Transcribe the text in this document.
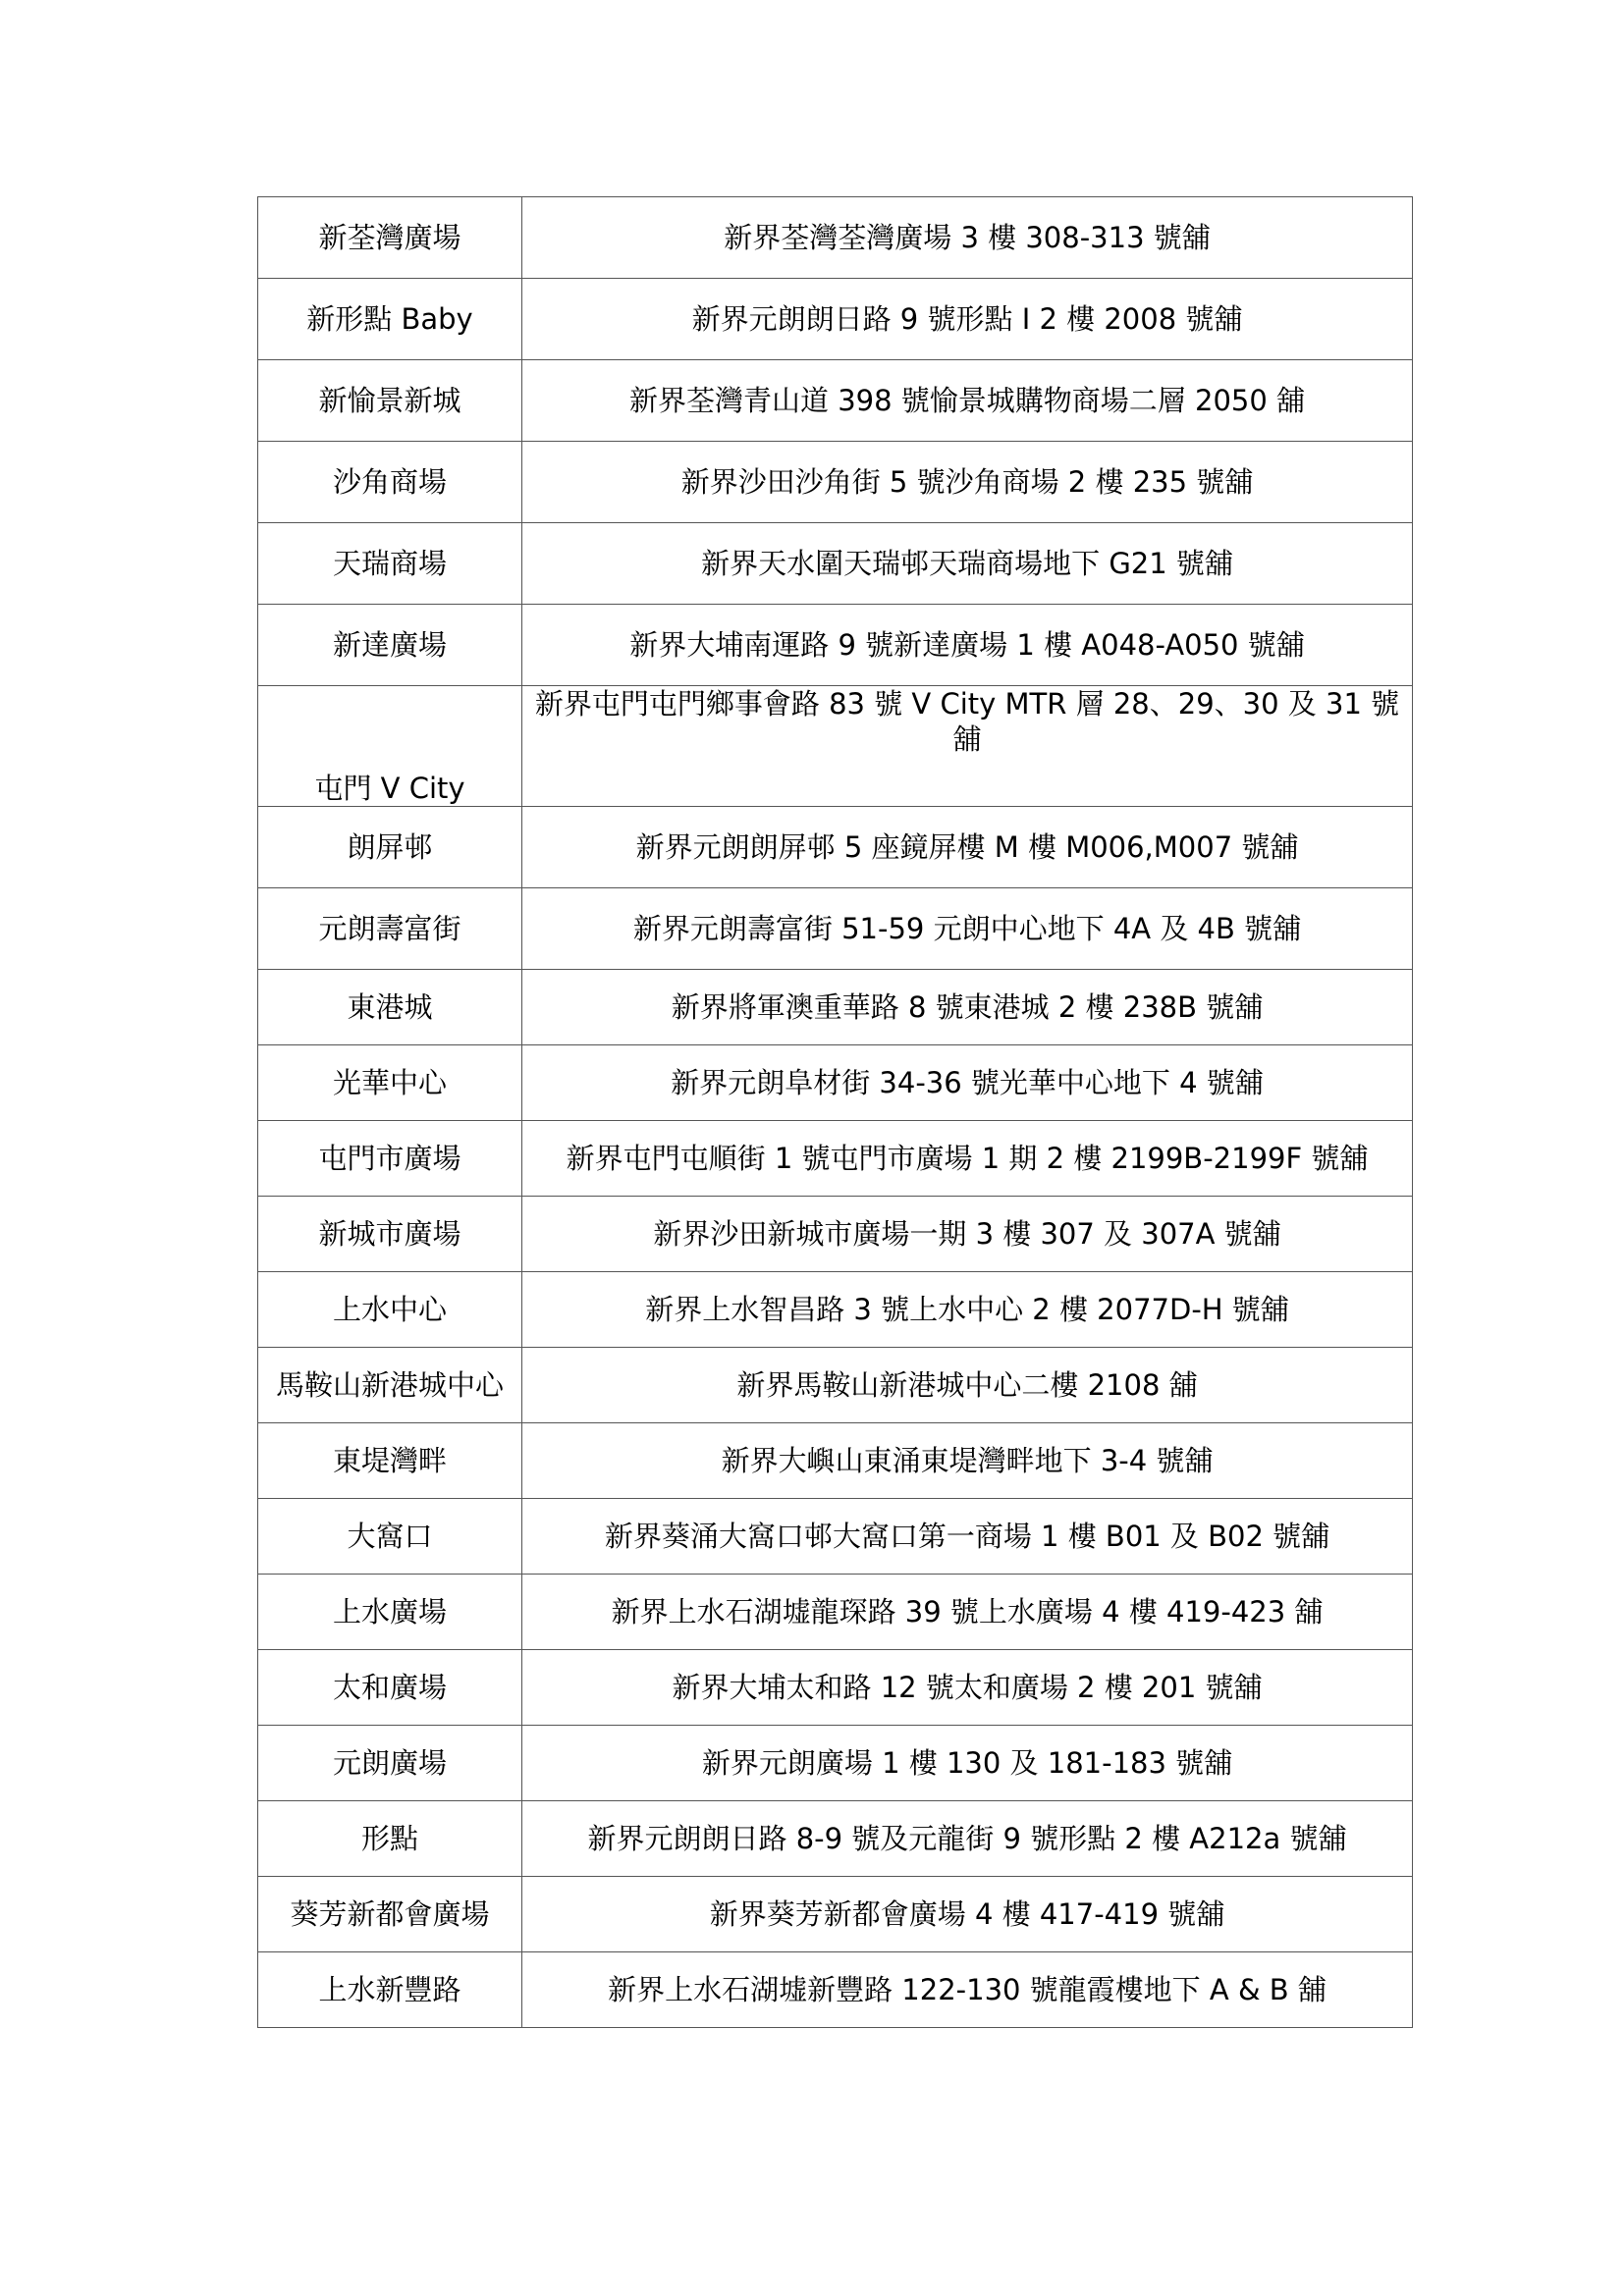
新荃灣廣場	新界荃灣荃灣廣場 3 樓 308-313 號舖
新形點 Baby	新界元朗朗日路 9 號形點 I 2 樓 2008 號舖
新愉景新城	新界荃灣青山道 398 號愉景城購物商場二層 2050 舖
沙角商場	新界沙田沙角街 5 號沙角商場 2 樓 235 號舖
天瑞商場	新界天水圍天瑞邨天瑞商場地下 G21 號舖
新達廣場	新界大埔南運路 9 號新達廣場 1 樓 A048-A050 號舖
屯門 V City	新界屯門屯門鄉事會路 83 號 V City MTR 層 28、29、30 及 31 號舖
朗屏邨	新界元朗朗屏邨 5 座鏡屏樓 M 樓 M006,M007 號舖
元朗壽富街	新界元朗壽富街 51-59 元朗中心地下 4A 及 4B 號舖
東港城	新界將軍澳重華路 8 號東港城 2 樓 238B 號舖
光華中心	新界元朗阜材街 34-36 號光華中心地下 4 號舖
屯門市廣場	新界屯門屯順街 1 號屯門市廣場 1 期 2 樓 2199B-2199F 號舖
新城市廣場	新界沙田新城市廣場一期 3 樓 307 及 307A 號舖
上水中心	新界上水智昌路 3 號上水中心 2 樓 2077D-H 號舖
馬鞍山新港城中心	新界馬鞍山新港城中心二樓 2108 舖
東堤灣畔	新界大嶼山東涌東堤灣畔地下 3-4 號舖
大窩口	新界葵涌大窩口邨大窩口第一商場 1 樓 B01 及 B02 號舖
上水廣場	新界上水石湖墟龍琛路 39 號上水廣場 4 樓 419-423 舖
太和廣場	新界大埔太和路 12 號太和廣場 2 樓 201 號舖
元朗廣場	新界元朗廣場 1 樓 130 及 181-183 號舖
形點	新界元朗朗日路 8-9 號及元龍街 9 號形點 2 樓 A212a 號舖
葵芳新都會廣場	新界葵芳新都會廣場 4 樓 417-419 號舖
上水新豐路	新界上水石湖墟新豐路 122-130 號龍霞樓地下 A & B 舖
